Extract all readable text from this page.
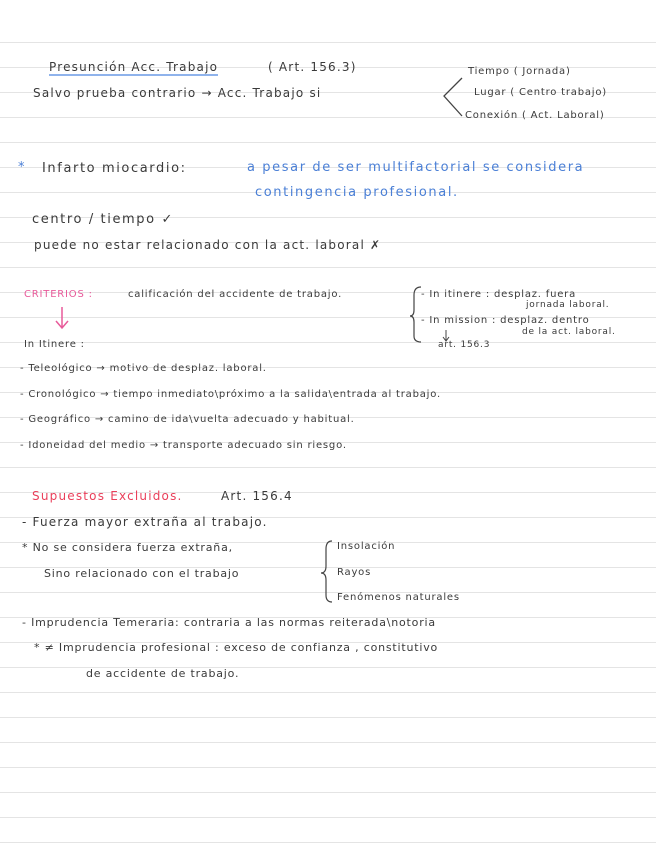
Presunción Acc. Trabajo	( Art. 156.3)
Salvo prueba contrario → Acc. Trabajo si
Tiempo ( Jornada)
Lugar ( Centro trabajo)
Conexión ( Act. Laboral)
* Infarto miocardio:	a pesar de ser multifactorial se considera
contingencia profesional.
centro / tiempo ✓
puede no estar relacionado con la act. laboral ✗
CRITERIOS :	calificación del accidente de trabajo.	- In itinere : desplaz. fuera
jornada laboral.
- In mission : desplaz. dentro
de la act. laboral.
art. 156.3
In Itinere :
- Teleológico → motivo de desplaz. laboral.
- Cronológico → tiempo inmediato\próximo a la salida\entrada al trabajo.
- Geográfico → camino de ida\vuelta adecuado y habitual.
- Idoneidad del medio → transporte adecuado sin riesgo.
Supuestos Excluidos.	Art. 156.4
- Fuerza mayor extraña al trabajo.
* No se considera fuerza extraña,
Sino relacionado con el trabajo
Insolación
Rayos
Fenómenos naturales
- Imprudencia Temeraria: contraria a las normas reiterada\notoria
* ≠ Imprudencia profesional : exceso de confianza , constitutivo
de accidente de trabajo.
